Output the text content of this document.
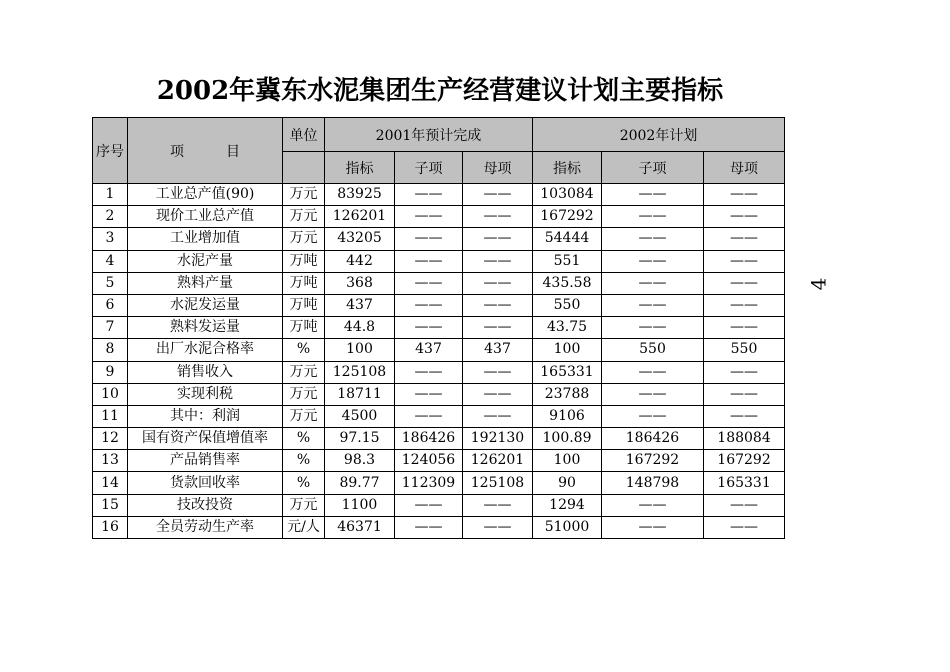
2002年冀东水泥集团生产经营建议计划主要指标
序号	项　　　目	单位	2001年预计完成			2002年计划		
			指标	子项	母项	指标	子项	母项
1	工业总产值(90)	万元	83925	——	——	103084	——	——
2	现价工业总产值	万元	126201	——	——	167292	——	——
3	工业增加值	万元	43205	——	——	54444	——	——
4	水泥产量	万吨	442	——	——	551	——	——
5	熟料产量	万吨	368	——	——	435.58	——	——
6	水泥发运量	万吨	437	——	——	550	——	——
7	熟料发运量	万吨	44.8	——	——	43.75	——	——
8	出厂水泥合格率	%	100	437	437	100	550	550
9	销售收入	万元	125108	——	——	165331	——	——
10	实现利税	万元	18711	——	——	23788	——	——
11	其中：利润	万元	4500	——	——	9106	——	——
12	国有资产保值增值率	%	97.15	186426	192130	100.89	186426	188084
13	产品销售率	%	98.3	124056	126201	100	167292	167292
14	货款回收率	%	89.77	112309	125108	90	148798	165331
15	技改投资	万元	1100	——	——	1294	——	——
16	全员劳动生产率	元/人	46371	——	——	51000	——	——
4
